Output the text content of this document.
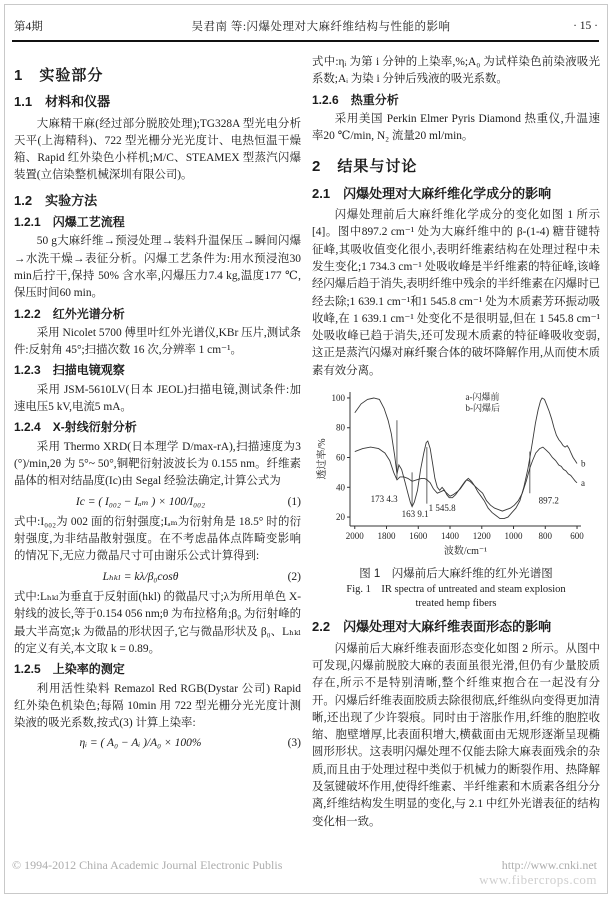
第4期	吴君南 等:闪爆处理对大麻纤维结构与性能的影响	· 15 ·
1　实验部分
1.1　材料和仪器

大麻精干麻(经过部分脱胶处理);TG328A 型光电分析天平(上海精科)、722 型光栅分光光度计、电热恒温干燥箱、Rapid 红外染色小样机;M/C、STEAMEX 型蒸汽闪爆装置(立信染整机械深圳有限公司)。

1.2　实验方法
1.2.1　闪爆工艺流程

50 g大麻纤维→预浸处理→装料升温保压→瞬间闪爆→水洗干燥→表征分析。闪爆工艺条件为:用水预浸泡30 min后拧干,保持 50% 含水率,闪爆压力7.4 kg,温度177 ℃,保压时间60 min。

1.2.2　红外光谱分析

采用 Nicolet 5700 傅里叶红外光谱仪,KBr 压片,测试条件:反射角 45°;扫描次数 16 次,分辨率 1 cm⁻¹。

1.2.3　扫描电镜观察

采用 JSM-5610LV(日本 JEOL)扫描电镜,测试条件:加速电压5 kV,电流5 mA。

1.2.4　X-射线衍射分析

采用 Thermo XRD(日本理学 D/max-rA),扫描速度为3 (°)/min,2θ 为 5°~ 50°,铜靶衍射波波长为 0.155 nm。纤维素晶体的相对结晶度(Ic)由 Segal 经验法确定,计算公式为

Ic = ( I₀₀₂ − Iₐₘ ) × 100/I₀₀₂	(1)

式中:I₀₀₂为 002 面的衍射强度;Iₐₘ为衍射角是 18.5° 时的衍射强度,为非结晶散射强度。在不考虑晶体点阵畸变影响的情况下,无应力微晶尺寸可由谢乐公式计算得到:

Lₕₖₗ = kλ/β₀cosθ	(2)

式中:Lₕₖₗ为垂直于反射面(hkl) 的微晶尺寸;λ为所用单色 X-射线的波长,等于0.154 056 nm;θ 为布拉格角;β₀ 为衍射峰的最大半高宽;k 为微晶的形状因子,它与微晶形状及 β₀、Lₕₖₗ的定义有关,本文取 k = 0.89。

1.2.5　上染率的测定

利用活性染料 Remazol Red RGB(Dystar 公司) Rapid 红外染色机染色;每隔 10min 用 722 型光栅分光光度计测染液的吸光系数,按式(3) 计算上染率:

ηᵢ = ( A₀ − Aᵢ )/A₀ × 100%	(3)

式中:ηᵢ 为第 i 分钟的上染率,%;A₀ 为试样染色前染液吸光系数;Aᵢ 为染 i 分钟后残液的吸光系数。

1.2.6　热重分析

采用美国 Perkin Elmer Pyris Diamond 热重仪,升温速率20 ℃/min, N₂ 流量20 ml/min。

2　结果与讨论
2.1　闪爆处理对大麻纤维化学成分的影响

闪爆处理前后大麻纤维化学成分的变化如图 1 所示[4]。图中897.2 cm⁻¹ 处为大麻纤维中的 β-(1-4) 糖苷键特征峰,其吸收值变化很小,表明纤维素结构在处理过程中未发生变化;1 734.3 cm⁻¹ 处吸收峰是半纤维素的特征峰,该峰经闪爆后趋于消失,表明纤维中残余的半纤维素在闪爆时已经去除;1 639.1 cm⁻¹和1 545.8 cm⁻¹ 处为木质素芳环振动吸收峰,在 1 639.1 cm⁻¹ 处变化不是很明显,但在 1 545.8 cm⁻¹ 处吸收峰已趋于消失,还可发现木质素的特征峰吸收变弱,这正是蒸汽闪爆对麻纤聚合体的破坏降解作用,从而使木质素有效分离。

2000 1800 1600 1400 1200 1000 800 600
20
40
60
80
100
波数/cm⁻¹
透过率/%
a
b
173 4.3
163 9.1
1 545.8
897.2
a-闪爆前
b-闪爆后
图 1　闪爆前后大麻纤维的红外光谱图
Fig. 1　IR spectra of untreated and steam explosion
treated hemp fibers
2.2　闪爆处理对大麻纤维表面形态的影响

闪爆前后大麻纤维表面形态变化如图 2 所示。从图中可发现,闪爆前脱胶大麻的表面虽很光滑,但仍有少量胶质存在,所示不是特别清晰,整个纤维束抱合在一起没有分开。闪爆后纤维表面胶质去除很彻底,纤维纵向变得更加清晰,还出现了少许裂痕。同时由于溶胀作用,纤维的胞腔收缩、胞壁增厚,比表面积增大,横截面由无规形逐渐呈现椭圆形形状。这表明闪爆处理不仅能去除大麻表面残余的杂质,而且由于处理过程中类似于机械力的断裂作用、热降解及氢键破坏作用,使得纤维素、半纤维素和木质素各组分分离,纤维结构发生明显的变化,与 2.1 中红外光谱表征的结构变化相一致。

© 1994-2012 China Academic Journal Electronic Publis	http://www.cnki.net
www.fibercrops.com
